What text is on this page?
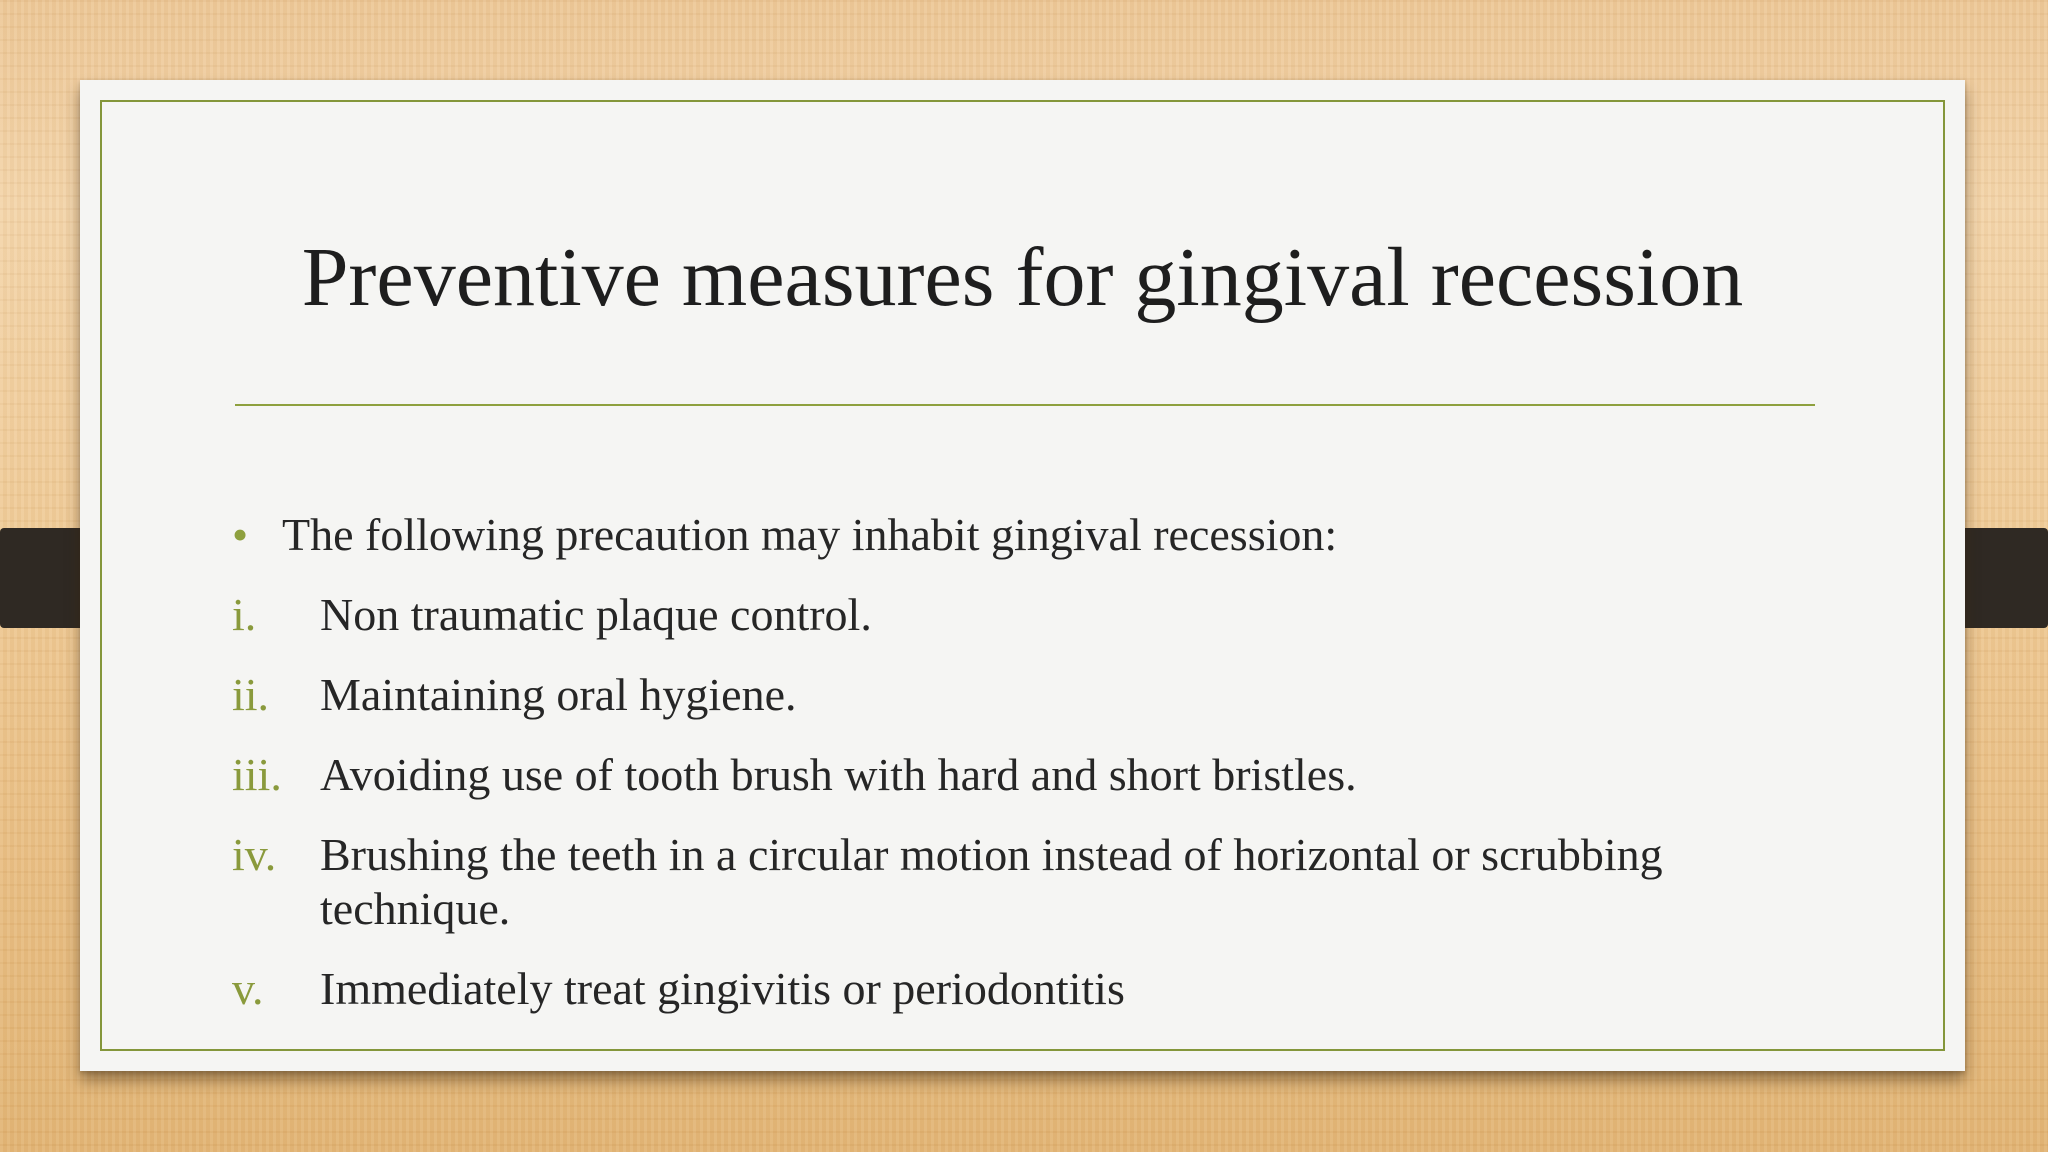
Preventive measures for gingival recession
• The following precaution may inhabit gingival recession:
i.	Non traumatic plaque control.
ii.	Maintaining oral hygiene.
iii. Avoiding use of tooth brush with hard and short bristles.
iv. Brushing the teeth in a circular motion instead of horizontal or scrubbing technique.
v.	Immediately treat gingivitis or periodontitis
